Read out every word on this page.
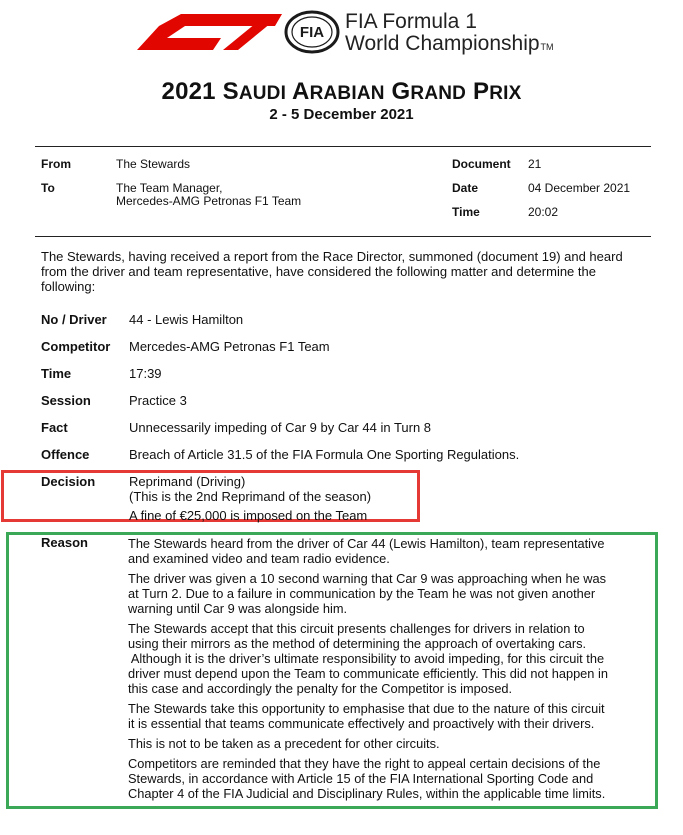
FIA FIA Formula 1
World ChampionshipTM
2021 SAUDI ARABIAN GRAND PRIX
2 - 5 December 2021
From	The Stewards
To	The Team Manager,
Mercedes-AMG Petronas F1 Team
Document 21
Date	04 December 2021
Time	20:02
The Stewards, having received a report from the Race Director, summoned (document 19) and heard from the driver and team representative, have considered the following matter and determine the following:
No / Driver 44 - Lewis Hamilton
Competitor Mercedes-AMG Petronas F1 Team
Time	17:39
Session	Practice 3
Fact	Unnecessarily impeding of Car 9 by Car 44 in Turn 8
Offence	Breach of Article 31.5 of the FIA Formula One Sporting Regulations.
Decision	Reprimand (Driving)
(This is the 2nd Reprimand of the season)
A fine of €25,000 is imposed on the Team
Reason	The Stewards heard from the driver of Car 44 (Lewis Hamilton), team representative
and examined video and team radio evidence.
The driver was given a 10 second warning that Car 9 was approaching when he was
at Turn 2. Due to a failure in communication by the Team he was not given another
warning until Car 9 was alongside him.
The Stewards accept that this circuit presents challenges for drivers in relation to
using their mirrors as the method of determining the approach of overtaking cars.
Although it is the driver’s ultimate responsibility to avoid impeding, for this circuit the
driver must depend upon the Team to communicate efficiently. This did not happen in
this case and accordingly the penalty for the Competitor is imposed.
The Stewards take this opportunity to emphasise that due to the nature of this circuit
it is essential that teams communicate effectively and proactively with their drivers.
This is not to be taken as a precedent for other circuits.
Competitors are reminded that they have the right to appeal certain decisions of the
Stewards, in accordance with Article 15 of the FIA International Sporting Code and
Chapter 4 of the FIA Judicial and Disciplinary Rules, within the applicable time limits.
